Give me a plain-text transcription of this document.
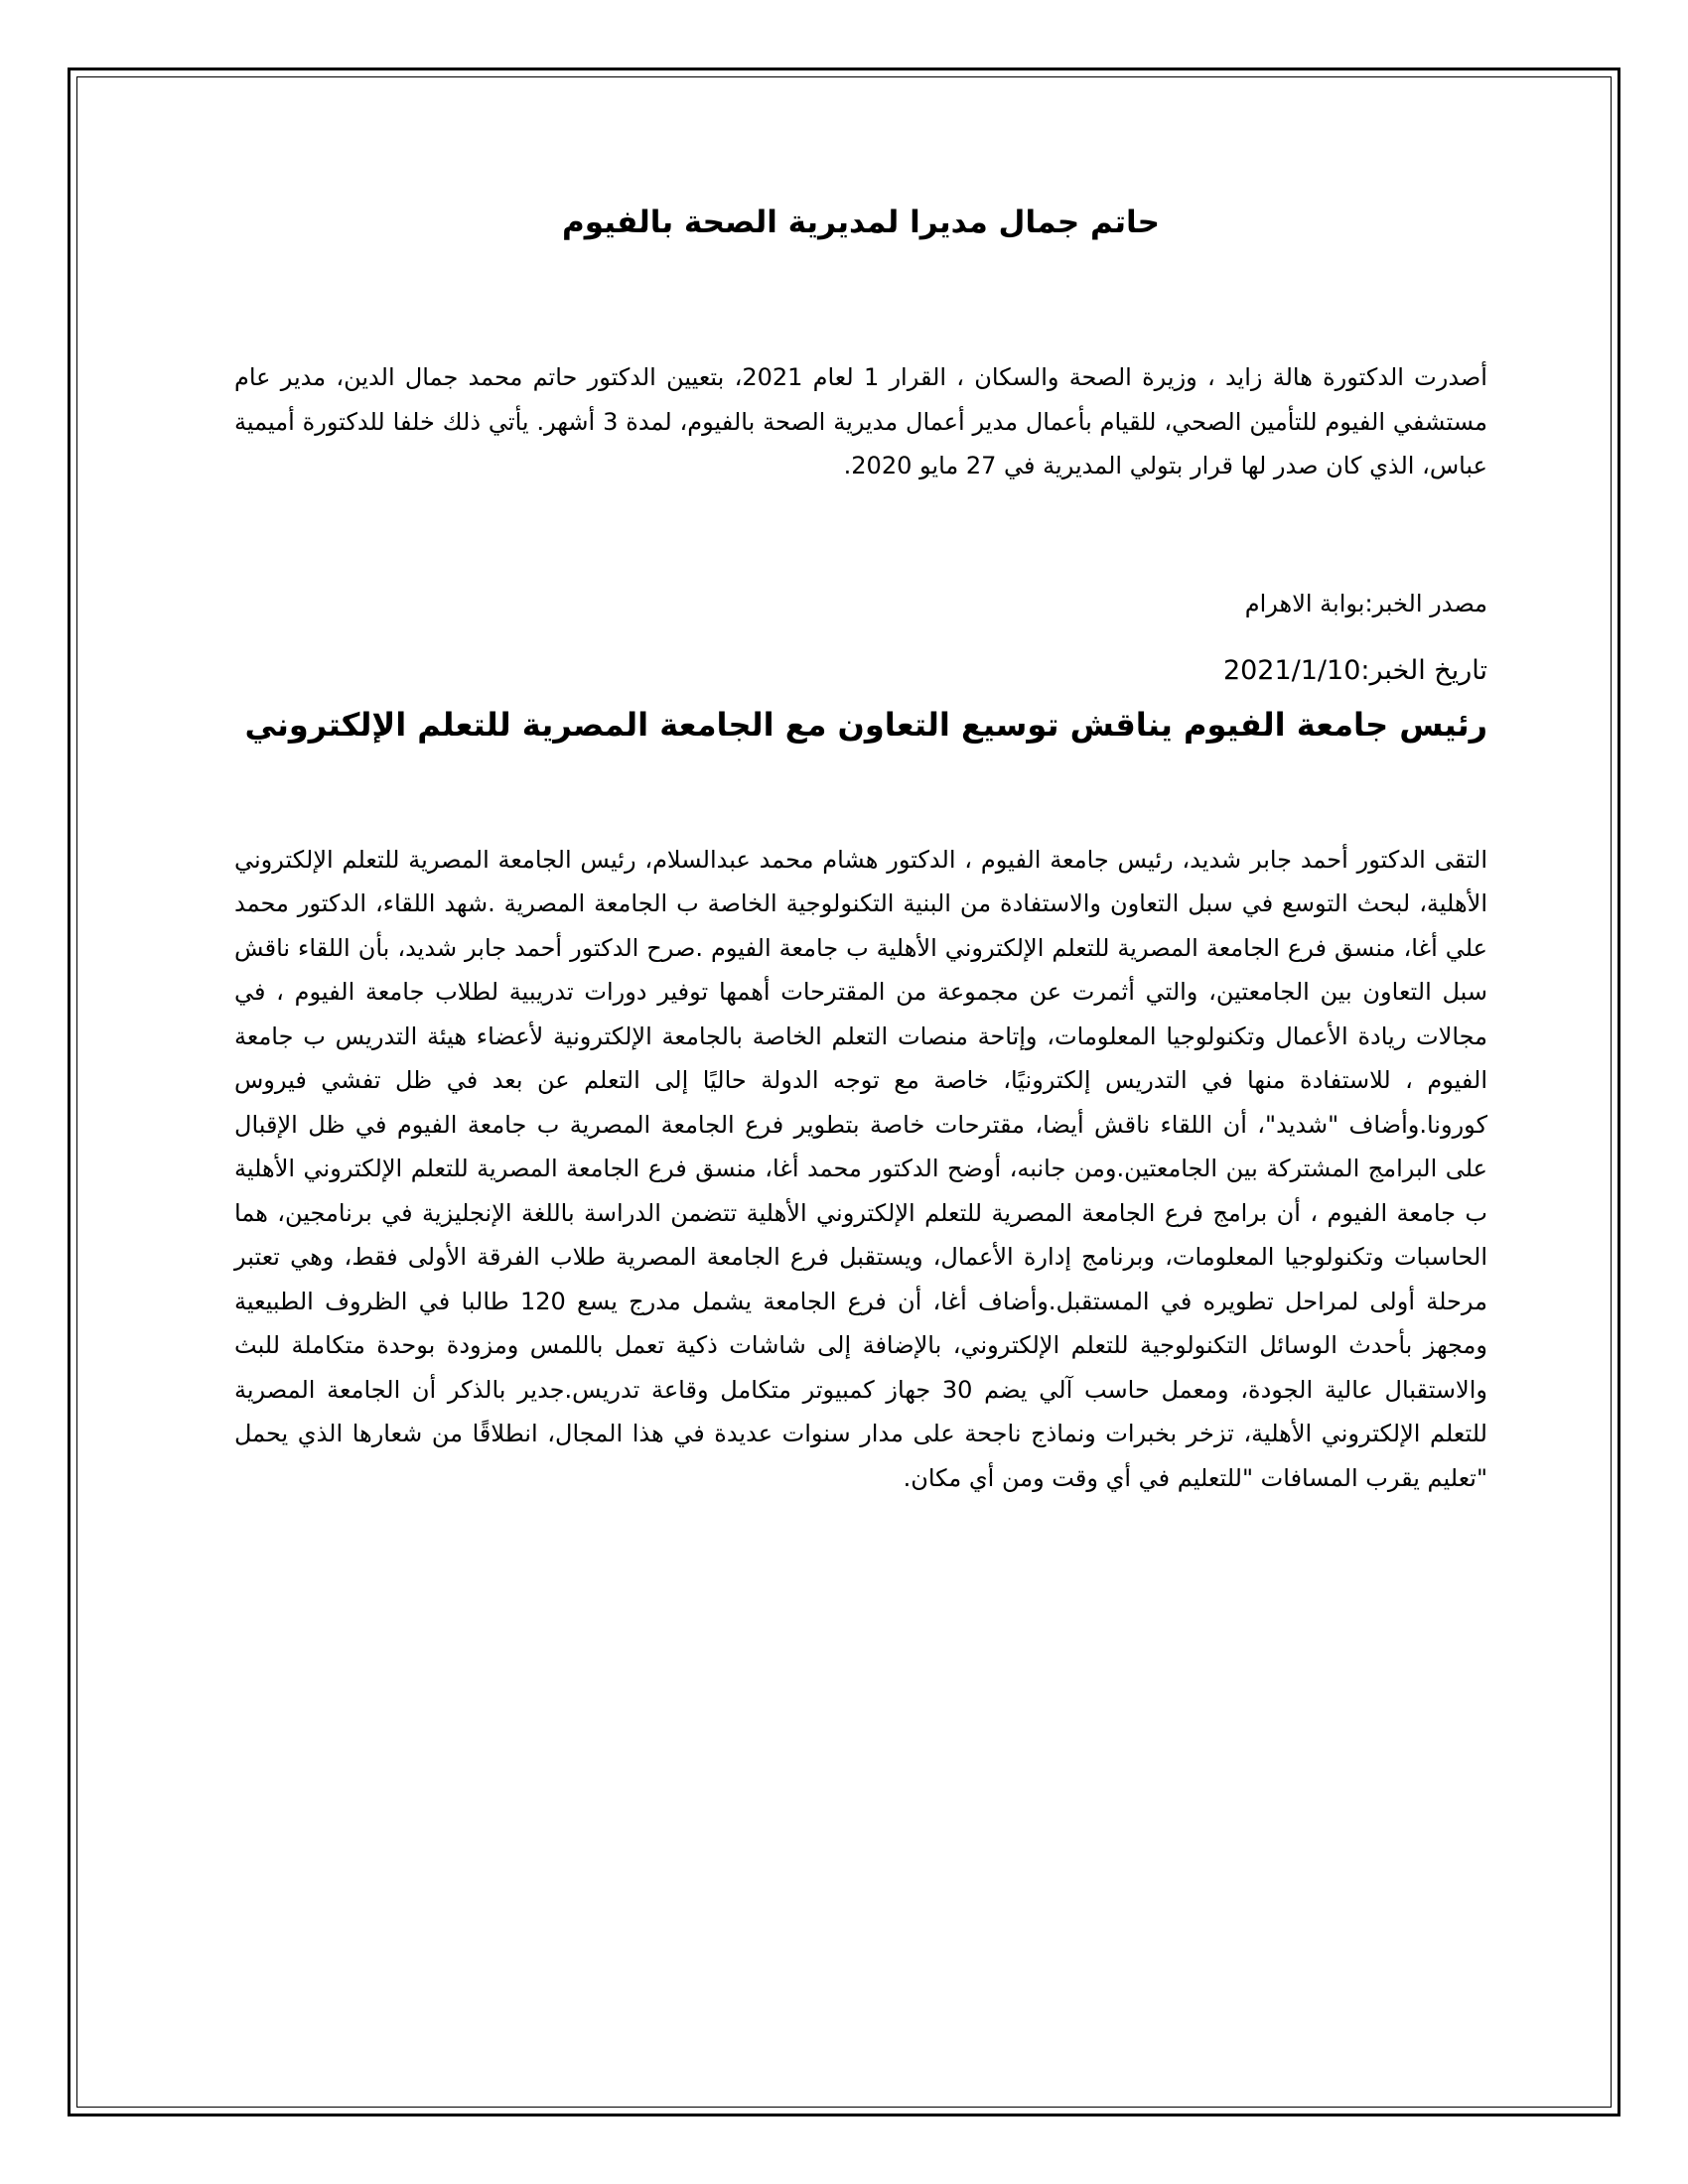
حاتم جمال مديرا لمديرية الصحة بالفيوم

أصدرت الدكتورة هالة زايد ، وزيرة الصحة والسكان ، القرار 1 لعام 2021، بتعيين الدكتور حاتم محمد جمال الدين، مدير عام مستشفي الفيوم للتأمين الصحي، للقيام بأعمال مدير أعمال مديرية الصحة بالفيوم، لمدة 3 أشهر. يأتي ذلك خلفا للدكتورة أميمية عباس، الذي كان صدر لها قرار بتولي المديرية في 27 مايو 2020.

مصدر الخبر:بوابة الاهرام

تاريخ الخبر:2021/1/10

رئيس جامعة الفيوم يناقش توسيع التعاون مع الجامعة المصرية للتعلم الإلكتروني

التقى الدكتور أحمد جابر شديد، رئيس جامعة الفيوم ، الدكتور هشام محمد عبدالسلام، رئيس الجامعة المصرية للتعلم الإلكتروني الأهلية، لبحث التوسع في سبل التعاون والاستفادة من البنية التكنولوجية الخاصة ب الجامعة المصرية .شهد اللقاء، الدكتور محمد علي أغا، منسق فرع الجامعة المصرية للتعلم الإلكتروني الأهلية ب جامعة الفيوم .صرح الدكتور أحمد جابر شديد، بأن اللقاء ناقش سبل التعاون بين الجامعتين، والتي أثمرت عن مجموعة من المقترحات أهمها توفير دورات تدريبية لطلاب جامعة الفيوم ، في مجالات ريادة الأعمال وتكنولوجيا المعلومات، وإتاحة منصات التعلم الخاصة بالجامعة الإلكترونية لأعضاء هيئة التدريس ب جامعة الفيوم ، للاستفادة منها في التدريس إلكترونيًا، خاصة مع توجه الدولة حاليًا إلى التعلم عن بعد في ظل تفشي فيروس كورونا.وأضاف "شديد"، أن اللقاء ناقش أيضا، مقترحات خاصة بتطوير فرع الجامعة المصرية ب جامعة الفيوم في ظل الإقبال على البرامج المشتركة بين الجامعتين.ومن جانبه، أوضح الدكتور محمد أغا، منسق فرع الجامعة المصرية للتعلم الإلكتروني الأهلية ب جامعة الفيوم ، أن برامج فرع الجامعة المصرية للتعلم الإلكتروني الأهلية تتضمن الدراسة باللغة الإنجليزية في برنامجين، هما الحاسبات وتكنولوجيا المعلومات، وبرنامج إدارة الأعمال، ويستقبل فرع الجامعة المصرية طلاب الفرقة الأولى فقط، وهي تعتبر مرحلة أولى لمراحل تطويره في المستقبل.وأضاف أغا، أن فرع الجامعة يشمل مدرج يسع 120 طالبا في الظروف الطبيعية ومجهز بأحدث الوسائل التكنولوجية للتعلم الإلكتروني، بالإضافة إلى شاشات ذكية تعمل باللمس ومزودة بوحدة متكاملة للبث والاستقبال عالية الجودة، ومعمل حاسب آلي يضم 30 جهاز كمبيوتر متكامل وقاعة تدريس.جدير بالذكر أن الجامعة المصرية للتعلم الإلكتروني الأهلية، تزخر بخبرات ونماذج ناجحة على مدار سنوات عديدة في هذا المجال، انطلاقًا من شعارها الذي يحمل "تعليم يقرب المسافات "للتعليم في أي وقت ومن أي مكان.
